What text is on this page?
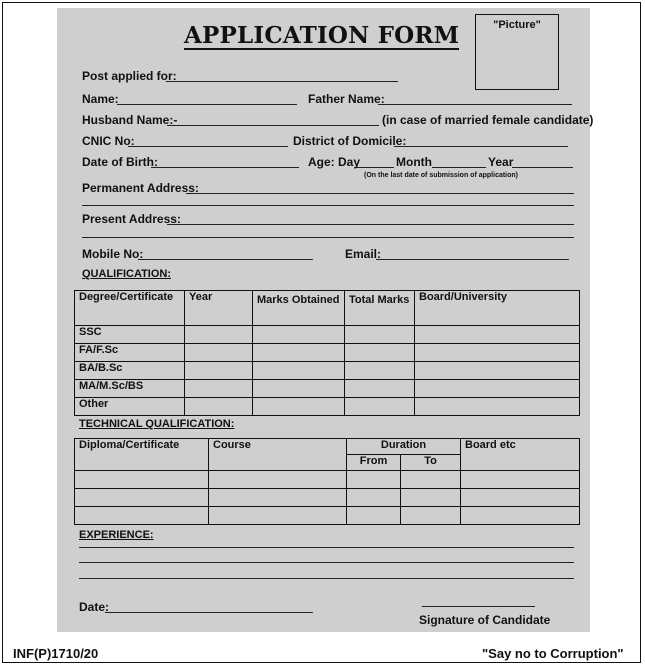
APPLICATION FORM	"Picture"
Post applied for:
Name:	Father Name:
Husband Name:-	(in case of married female candidate)
CNIC No:	District of Domicile:
Date of Birth:	Age: Day	Month	Year
(On the last date of submission of application)
Permanent Address:
Present Address:
Mobile No:	Email:
QUALIFICATION:
Degree/Certificate	Year	Marks Obtained	Total Marks	Board/University
SSC				
FA/F.Sc				
BA/B.Sc				
MA/M.Sc/BS				
Other				
TECHNICAL QUALIFICATION:
Diploma/Certificate	Course	Duration		Board etc
		From	To	

EXPERIENCE:
Date:
Signature of Candidate
INF(P)1710/20	"Say no to Corruption"
